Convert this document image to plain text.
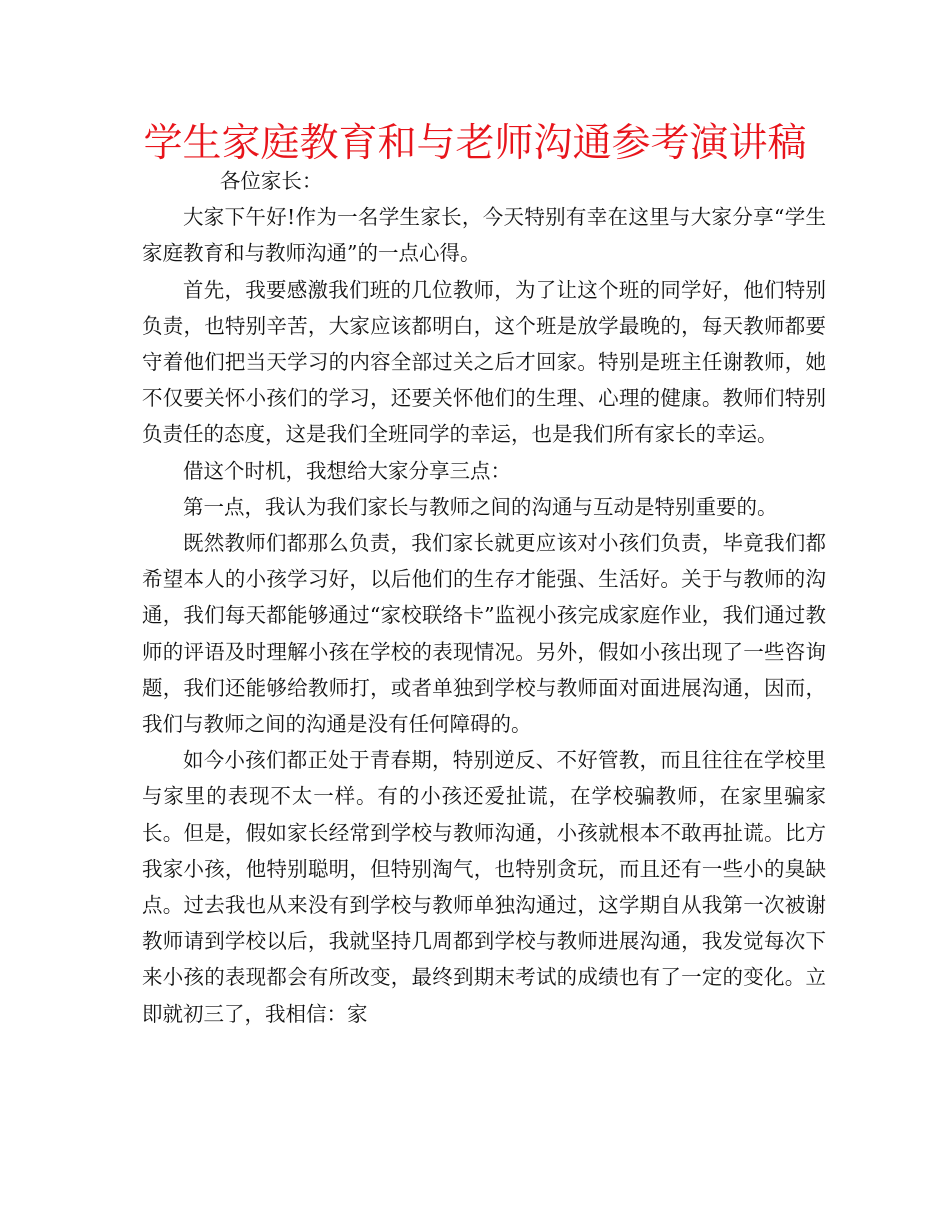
学生家庭教育和与老师沟通参考演讲稿

各位家长：

大家下午好!作为一名学生家长，今天特别有幸在这里与大家分享“学生家庭教育和与教师沟通”的一点心得。

首先，我要感激我们班的几位教师，为了让这个班的同学好，他们特别负责，也特别辛苦，大家应该都明白，这个班是放学最晚的，每天教师都要守着他们把当天学习的内容全部过关之后才回家。特别是班主任谢教师，她不仅要关怀小孩们的学习，还要关怀他们的生理、心理的健康。教师们特别负责任的态度，这是我们全班同学的幸运，也是我们所有家长的幸运。

借这个时机，我想给大家分享三点：

第一点，我认为我们家长与教师之间的沟通与互动是特别重要的。

既然教师们都那么负责，我们家长就更应该对小孩们负责，毕竟我们都希望本人的小孩学习好，以后他们的生存才能强、生活好。关于与教师的沟通，我们每天都能够通过“家校联络卡”监视小孩完成家庭作业，我们通过教师的评语及时理解小孩在学校的表现情况。另外，假如小孩出现了一些咨询题，我们还能够给教师打，或者单独到学校与教师面对面进展沟通，因而，我们与教师之间的沟通是没有任何障碍的。

如今小孩们都正处于青春期，特别逆反、不好管教，而且往往在学校里与家里的表现不太一样。有的小孩还爱扯谎，在学校骗教师，在家里骗家长。但是，假如家长经常到学校与教师沟通，小孩就根本不敢再扯谎。比方我家小孩，他特别聪明，但特别淘气，也特别贪玩，而且还有一些小的臭缺点。过去我也从来没有到学校与教师单独沟通过，这学期自从我第一次被谢教师请到学校以后，我就坚持几周都到学校与教师进展沟通，我发觉每次下来小孩的表现都会有所改变，最终到期末考试的成绩也有了一定的变化。立即就初三了，我相信：家
